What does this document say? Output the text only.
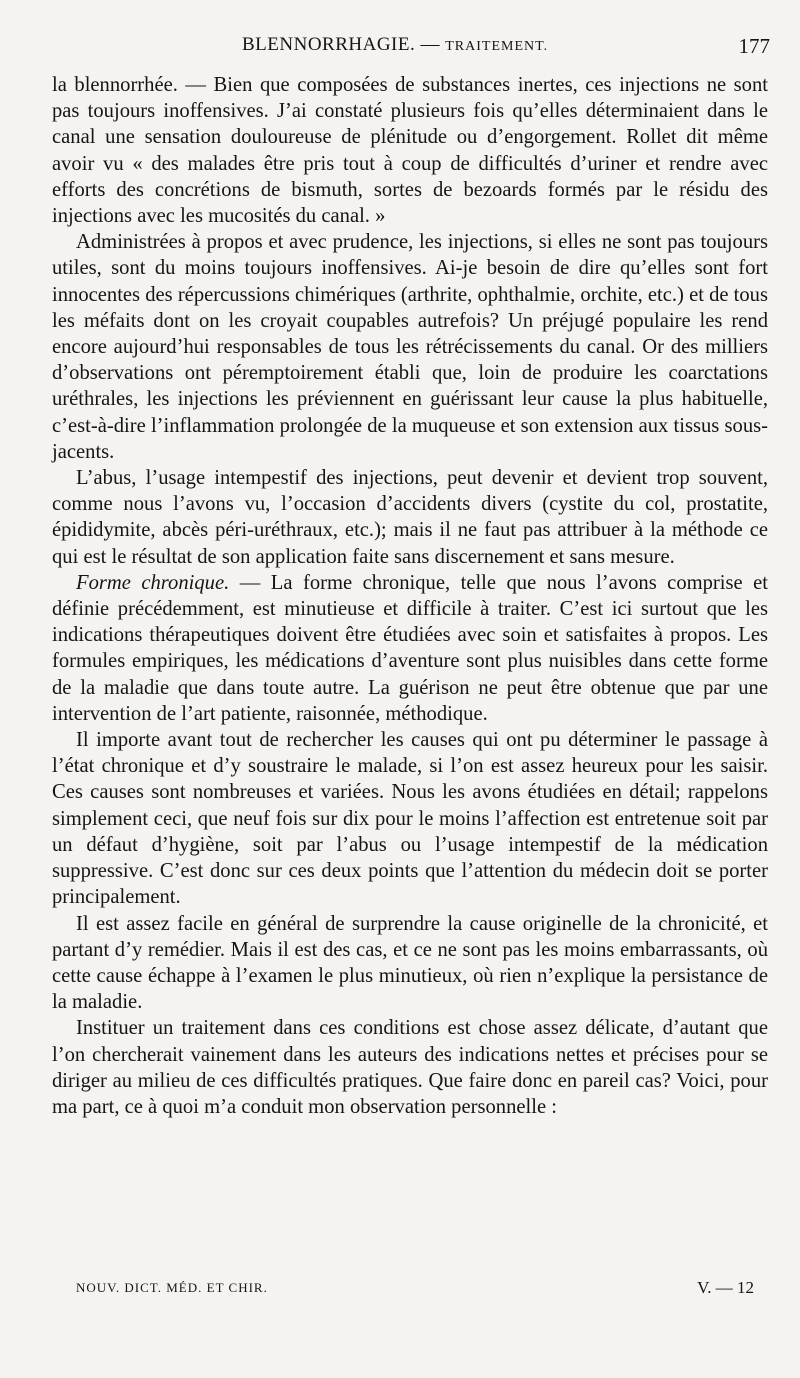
BLENNORRHAGIE. — TRAITEMENT.	177

la blennorrhée. — Bien que composées de substances inertes, ces injections ne sont pas toujours inoffensives. J’ai constaté plusieurs fois qu’elles déterminaient dans le canal une sensation douloureuse de plénitude ou d’engorgement. Rollet dit même avoir vu « des malades être pris tout à coup de difficultés d’uriner et rendre avec efforts des concrétions de bismuth, sortes de bezoards formés par le résidu des injections avec les mucosités du canal. »

Administrées à propos et avec prudence, les injections, si elles ne sont pas toujours utiles, sont du moins toujours inoffensives. Ai-je besoin de dire qu’elles sont fort innocentes des répercussions chimériques (arthrite, ophthalmie, orchite, etc.) et de tous les méfaits dont on les croyait coupables autrefois? Un préjugé populaire les rend encore aujourd’hui responsables de tous les rétrécissements du canal. Or des milliers d’observations ont péremptoirement établi que, loin de produire les coarctations uréthrales, les injections les préviennent en guérissant leur cause la plus habituelle, c’est-à-dire l’inflammation prolongée de la muqueuse et son extension aux tissus sous-jacents.

L’abus, l’usage intempestif des injections, peut devenir et devient trop souvent, comme nous l’avons vu, l’occasion d’accidents divers (cystite du col, prostatite, épididymite, abcès péri-uréthraux, etc.); mais il ne faut pas attribuer à la méthode ce qui est le résultat de son application faite sans discernement et sans mesure.

Forme chronique. — La forme chronique, telle que nous l’avons comprise et définie précédemment, est minutieuse et difficile à traiter. C’est ici surtout que les indications thérapeutiques doivent être étudiées avec soin et satisfaites à propos. Les formules empiriques, les médications d’aventure sont plus nuisibles dans cette forme de la maladie que dans toute autre. La guérison ne peut être obtenue que par une intervention de l’art patiente, raisonnée, méthodique.

Il importe avant tout de rechercher les causes qui ont pu déterminer le passage à l’état chronique et d’y soustraire le malade, si l’on est assez heureux pour les saisir. Ces causes sont nombreuses et variées. Nous les avons étudiées en détail; rappelons simplement ceci, que neuf fois sur dix pour le moins l’affection est entretenue soit par un défaut d’hygiène, soit par l’abus ou l’usage intempestif de la médication suppressive. C’est donc sur ces deux points que l’attention du médecin doit se porter principalement.

Il est assez facile en général de surprendre la cause originelle de la chronicité, et partant d’y remédier. Mais il est des cas, et ce ne sont pas les moins embarrassants, où cette cause échappe à l’examen le plus minutieux, où rien n’explique la persistance de la maladie.

Instituer un traitement dans ces conditions est chose assez délicate, d’autant que l’on chercherait vainement dans les auteurs des indications nettes et précises pour se diriger au milieu de ces difficultés pratiques. Que faire donc en pareil cas? Voici, pour ma part, ce à quoi m’a conduit mon observation personnelle :

NOUV. DICT. MÉD. ET CHIR.	V. — 12
